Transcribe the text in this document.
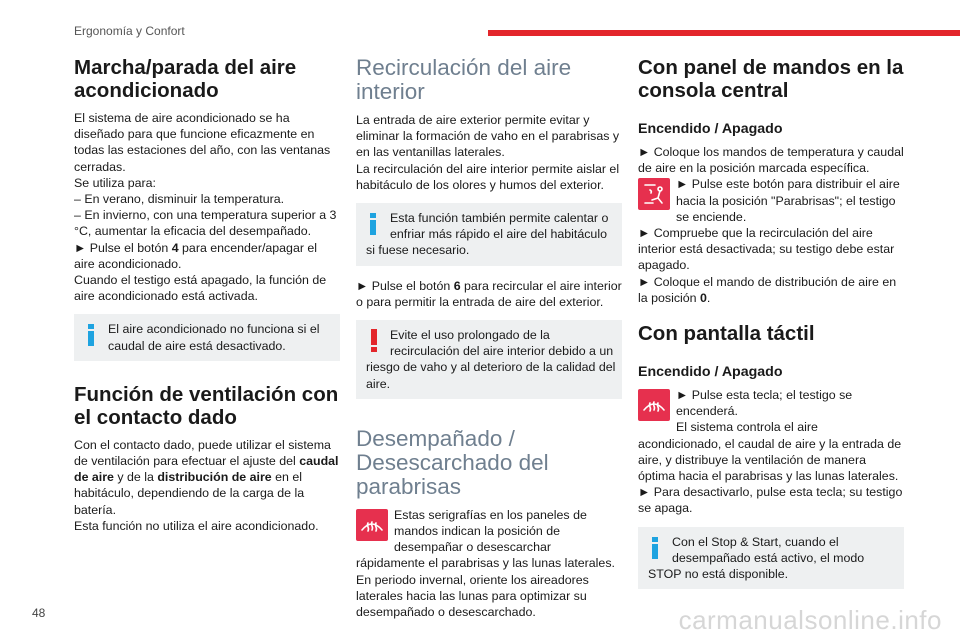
Ergonomía y Confort
Marcha/parada del aire acondicionado
El sistema de aire acondicionado se ha diseñado para que funcione eficazmente en todas las estaciones del año, con las ventanas cerradas.
Se utiliza para:
– En verano, disminuir la temperatura.
– En invierno, con una temperatura superior a 3 °C, aumentar la eficacia del desempañado.
► Pulse el botón 4 para encender/apagar el aire acondicionado.
Cuando el testigo está apagado, la función de aire acondicionado está activada.
El aire acondicionado no funciona si el caudal de aire está desactivado.
Función de ventilación con el contacto dado
Con el contacto dado, puede utilizar el sistema de ventilación para efectuar el ajuste del caudal de aire y de la distribución de aire en el habitáculo, dependiendo de la carga de la batería.
Esta función no utiliza el aire acondicionado.
Recirculación del aire interior
La entrada de aire exterior permite evitar y eliminar la formación de vaho en el parabrisas y en las ventanillas laterales.
La recirculación del aire interior permite aislar el habitáculo de los olores y humos del exterior.
Esta función también permite calentar o enfriar más rápido el aire del habitáculo si fuese necesario.
► Pulse el botón 6 para recircular el aire interior o para permitir la entrada de aire del exterior.
Evite el uso prolongado de la recirculación del aire interior debido a un riesgo de vaho y al deterioro de la calidad del aire.
Desempañado / Desescarchado del parabrisas
Estas serigrafías en los paneles de mandos indican la posición de desempañar o desescarchar rápidamente el parabrisas y las lunas laterales.
En periodo invernal, oriente los aireadores laterales hacia las lunas para optimizar su desempañado o desescarchado.
Con panel de mandos en la consola central
Encendido / Apagado
► Coloque los mandos de temperatura y caudal de aire en la posición marcada específica.
► Pulse este botón para distribuir el aire hacia la posición "Parabrisas"; el testigo se enciende.
► Compruebe que la recirculación del aire interior está desactivada; su testigo debe estar apagado.
► Coloque el mando de distribución de aire en la posición 0.
Con pantalla táctil
Encendido / Apagado
► Pulse esta tecla; el testigo se encenderá.
El sistema controla el aire acondicionado, el caudal de aire y la entrada de aire, y distribuye la ventilación de manera óptima hacia el parabrisas y las lunas laterales.
► Para desactivarlo, pulse esta tecla; su testigo se apaga.
Con el Stop & Start, cuando el desempañado está activo, el modo STOP no está disponible.
48	carmanualsonline.info
